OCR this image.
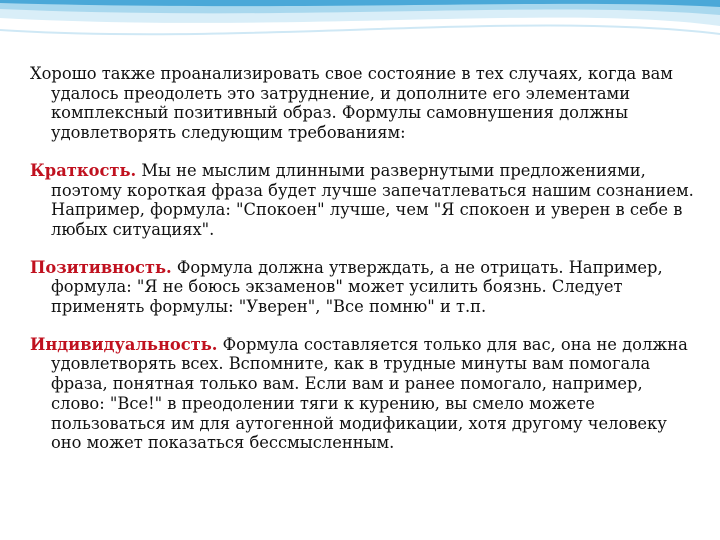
Хорошо также проанализировать свое состояние в тех случаях, когда вам удалось преодолеть это затруднение, и дополните его элементами комплексный позитивный образ. Формулы самовнушения должны удовлетворять следующим требованиям:

Краткость. Мы не мыслим длинными развернутыми предложениями, поэтому короткая фраза будет лучше запечатлеваться нашим сознанием. Например, формула: "Спокоен" лучше, чем "Я спокоен и уверен в себе в любых ситуациях".

Позитивность. Формула должна утверждать, а не отрицать. Например, формула: "Я не боюсь экзаменов" может усилить боязнь. Следует применять формулы: "Уверен", "Все помню" и т.п.

Индивидуальность. Формула составляется только для вас, она не должна удовлетворять всех. Вспомните, как в трудные минуты вам помогала фраза, понятная только вам. Если вам и ранее помогало, например, слово: "Все!" в преодолении тяги к курению, вы смело можете пользоваться им для аутогенной модификации, хотя другому человеку оно может показаться бессмысленным.
